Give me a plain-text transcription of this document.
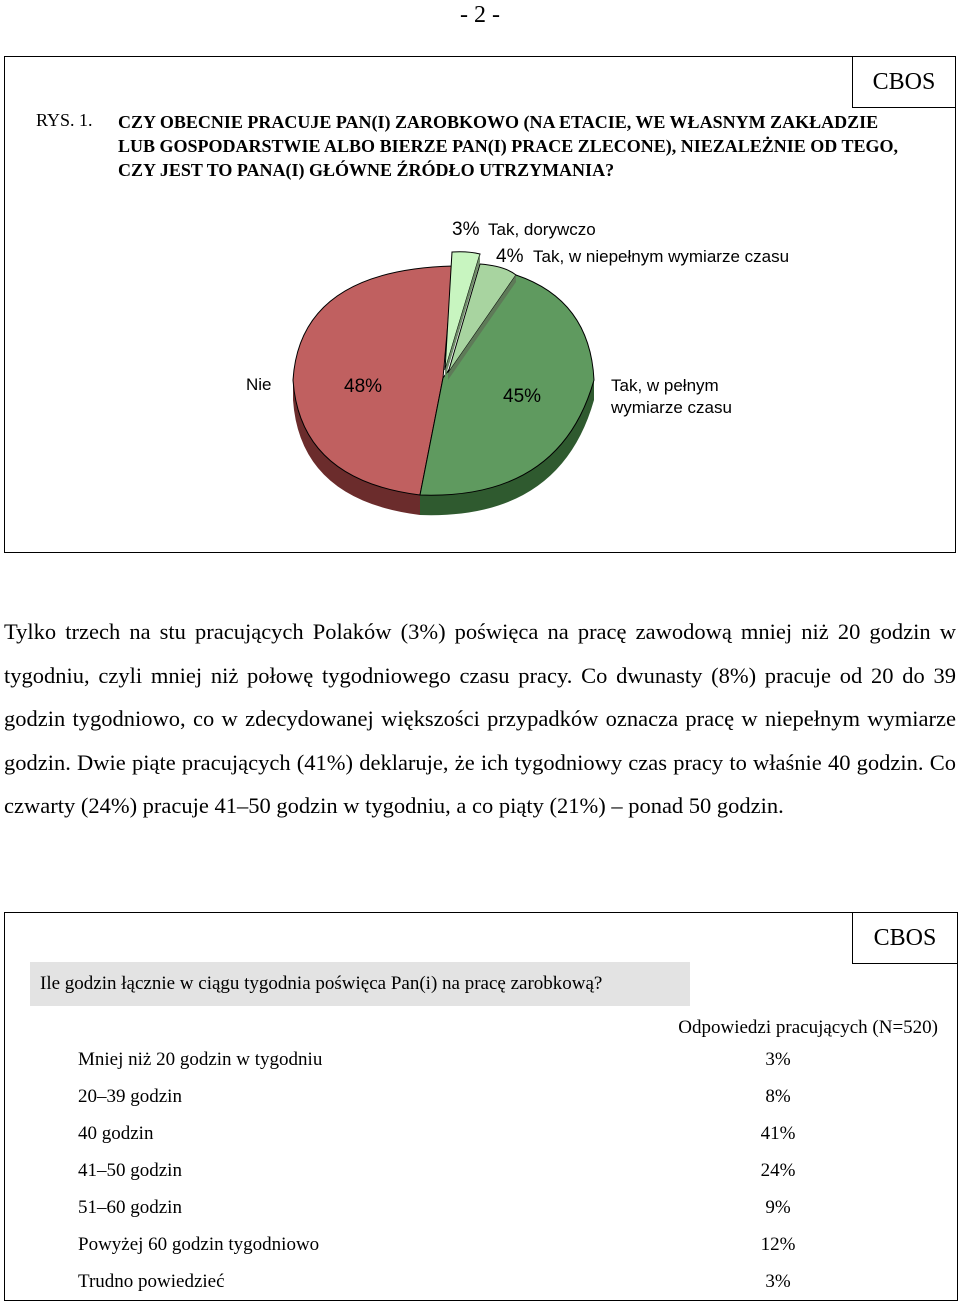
- 2 -
CBOS
RYS. 1. CZY OBECNIE PRACUJE PAN(I) ZAROBKOWO (NA ETACIE, WE WŁASNYM ZAKŁADZIE LUB GOSPODARSTWIE ALBO BIERZE PAN(I) PRACE ZLECONE), NIEZALEŻNIE OD TEGO, CZY JEST TO PANA(I) GŁÓWNE ŹRÓDŁO UTRZYMANIA?
3% Tak, dorywczo
4% Tak, w niepełnym wymiarze czasu
Nie	48%	45%
Tak, w pełnym
wymiarze czasu

Tylko trzech na stu pracujących Polaków (3%) poświęca na pracę zawodową mniej niż 20 godzin w tygodniu, czyli mniej niż połowę tygodniowego czasu pracy. Co dwunasty (8%) pracuje od 20 do 39 godzin tygodniowo, co w zdecydowanej większości przypadków oznacza pracę w niepełnym wymiarze godzin. Dwie piąte pracujących (41%) deklaruje, że ich tygodniowy czas pracy to właśnie 40 godzin. Co czwarty (24%) pracuje 41–50 godzin w tygodniu, a co piąty (21%) – ponad 50 godzin.

CBOS
Ile godzin łącznie w ciągu tygodnia poświęca Pan(i) na pracę zarobkową?
Odpowiedzi pracujących (N=520)
Mniej niż 20 godzin w tygodniu	3%
20–39 godzin	8%
40 godzin	41%
41–50 godzin	24%
51–60 godzin	9%
Powyżej 60 godzin tygodniowo	12%
Trudno powiedzieć	3%
